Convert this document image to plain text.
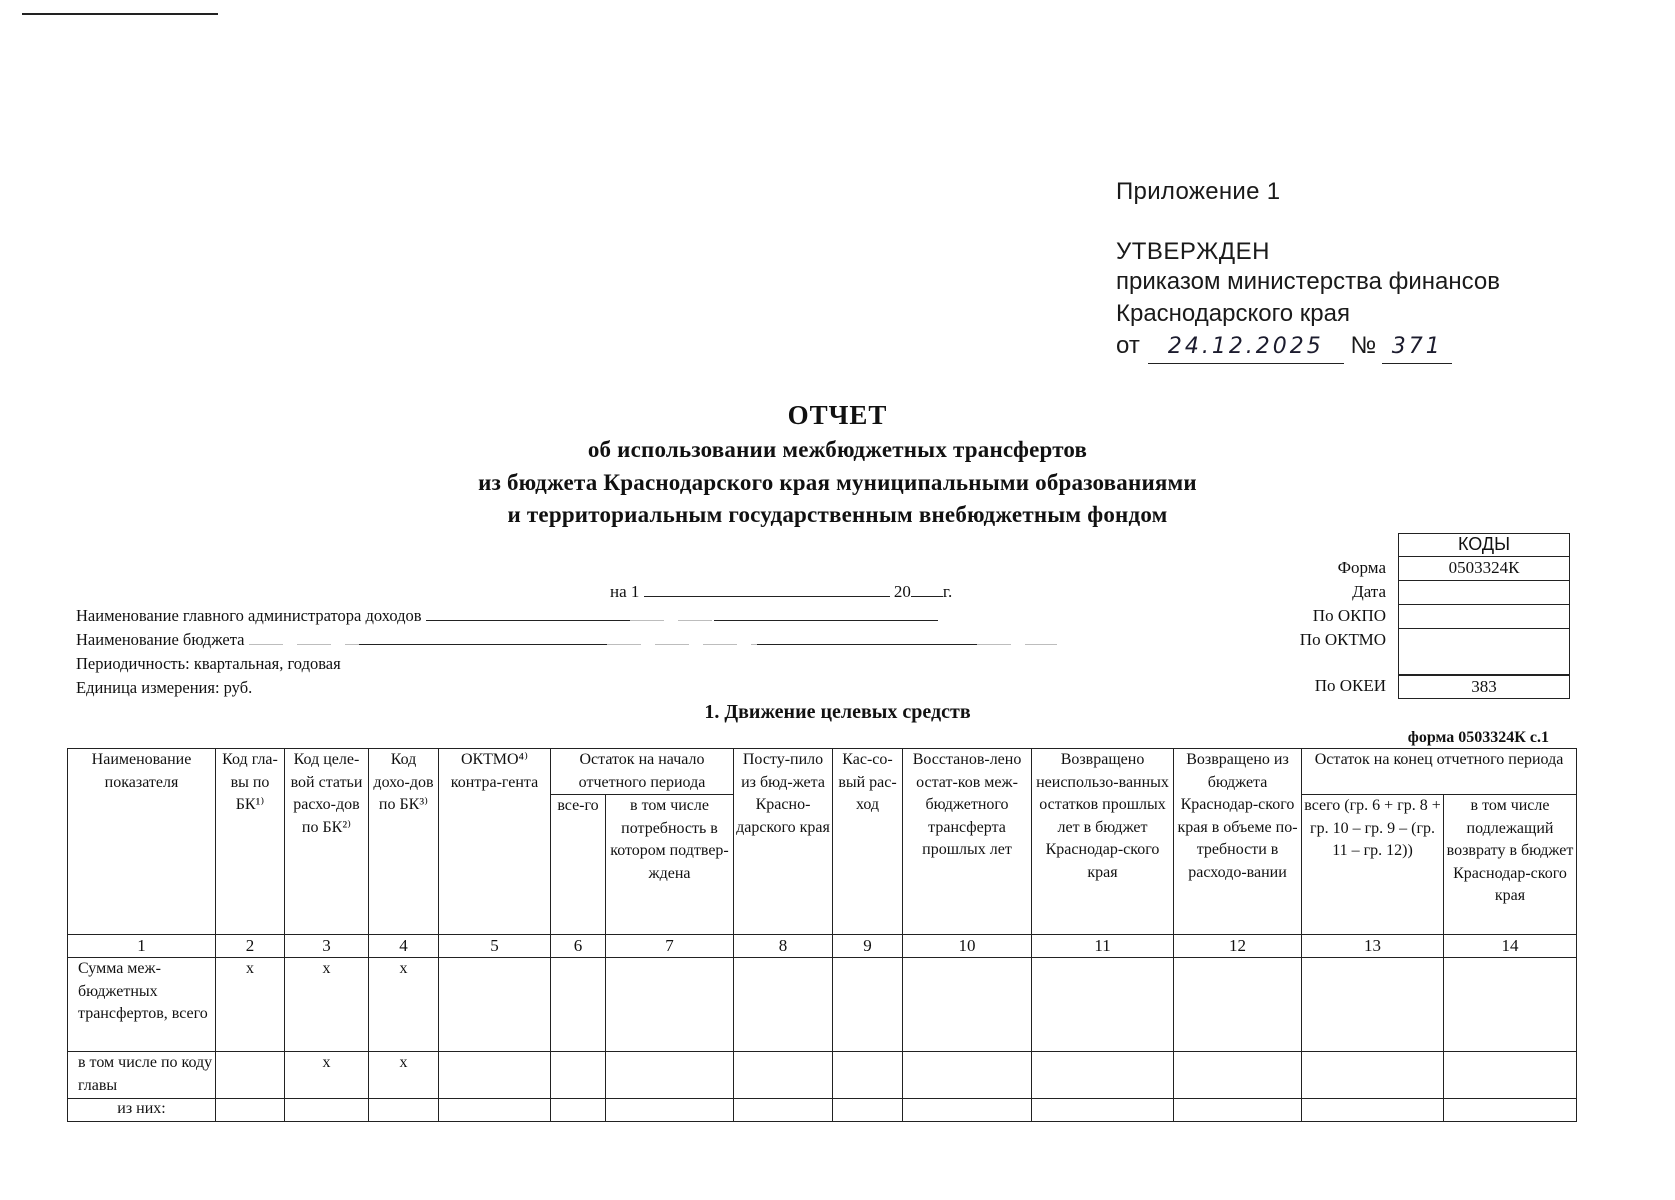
Приложение 1
УТВЕРЖДЕН
приказом министерства финансов
Краснодарского края
от 24.12.2025 № 371
ОТЧЕТ
об использовании межбюджетных трансфертов
из бюджета Краснодарского края муниципальными образованиями
и территориальным государственным внебюджетным фондом
КОДЫ
Форма	0503324К
Дата
По ОКПО
По ОКТМО
По ОКЕИ	383
на 1	20 г.
Наименование главного администратора доходов
Наименование бюджета
Периодичность: квартальная, годовая
Единица измерения: руб.
1. Движение целевых средств
форма 0503324К с.1
Наименование показателя	Код гла-вы по БК¹⁾	Код целе-вой статьи расхо-дов по БК²⁾	Код дохо-дов по БК³⁾	ОКТМО⁴⁾ контра-гента	Остаток на начало отчетного периода		Посту-пило из бюд-жета Красно-дарского края	Кас-со-вый рас-ход	Восстанов-лено остат-ков меж-бюджетного трансферта прошлых лет	Возвращено неиспользо-ванных остатков прошлых лет в бюджет Краснодар-ского края	Возвращено из бюджета Краснодар-ского края в объеме по-требности в расходо-вании	Остаток на конец отчетного периода	
					все-го	в том числе потребность в котором подтвер-ждена						всего (гр. 6 + гр. 8 + гр. 10 – гр. 9 – (гр. 11 – гр. 12))	в том числе подлежащий возврату в бюджет Краснодар-ского края
1	2	3	4	5	6	7	8	9	10	11	12	13	14
Сумма меж-бюджетных трансфертов, всего	x	x	x										
в том числе по коду главы		x	x										
из них:													
